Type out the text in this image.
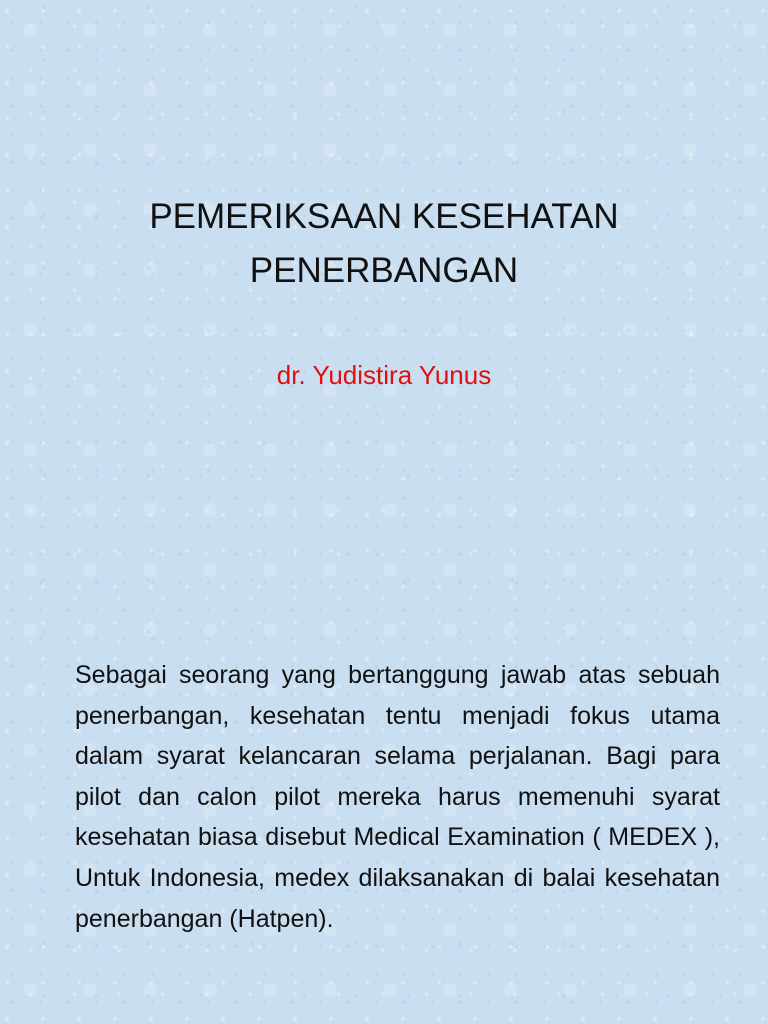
PEMERIKSAAN KESEHATAN
PENERBANGAN
dr. Yudistira Yunus
Sebagai seorang yang bertanggung jawab atas sebuah penerbangan, kesehatan tentu menjadi fokus utama dalam syarat kelancaran selama perjalanan. Bagi para pilot dan calon pilot mereka harus memenuhi syarat kesehatan biasa disebut Medical Examination ( MEDEX ), Untuk Indonesia, medex dilaksanakan di balai kesehatan penerbangan (Hatpen).
